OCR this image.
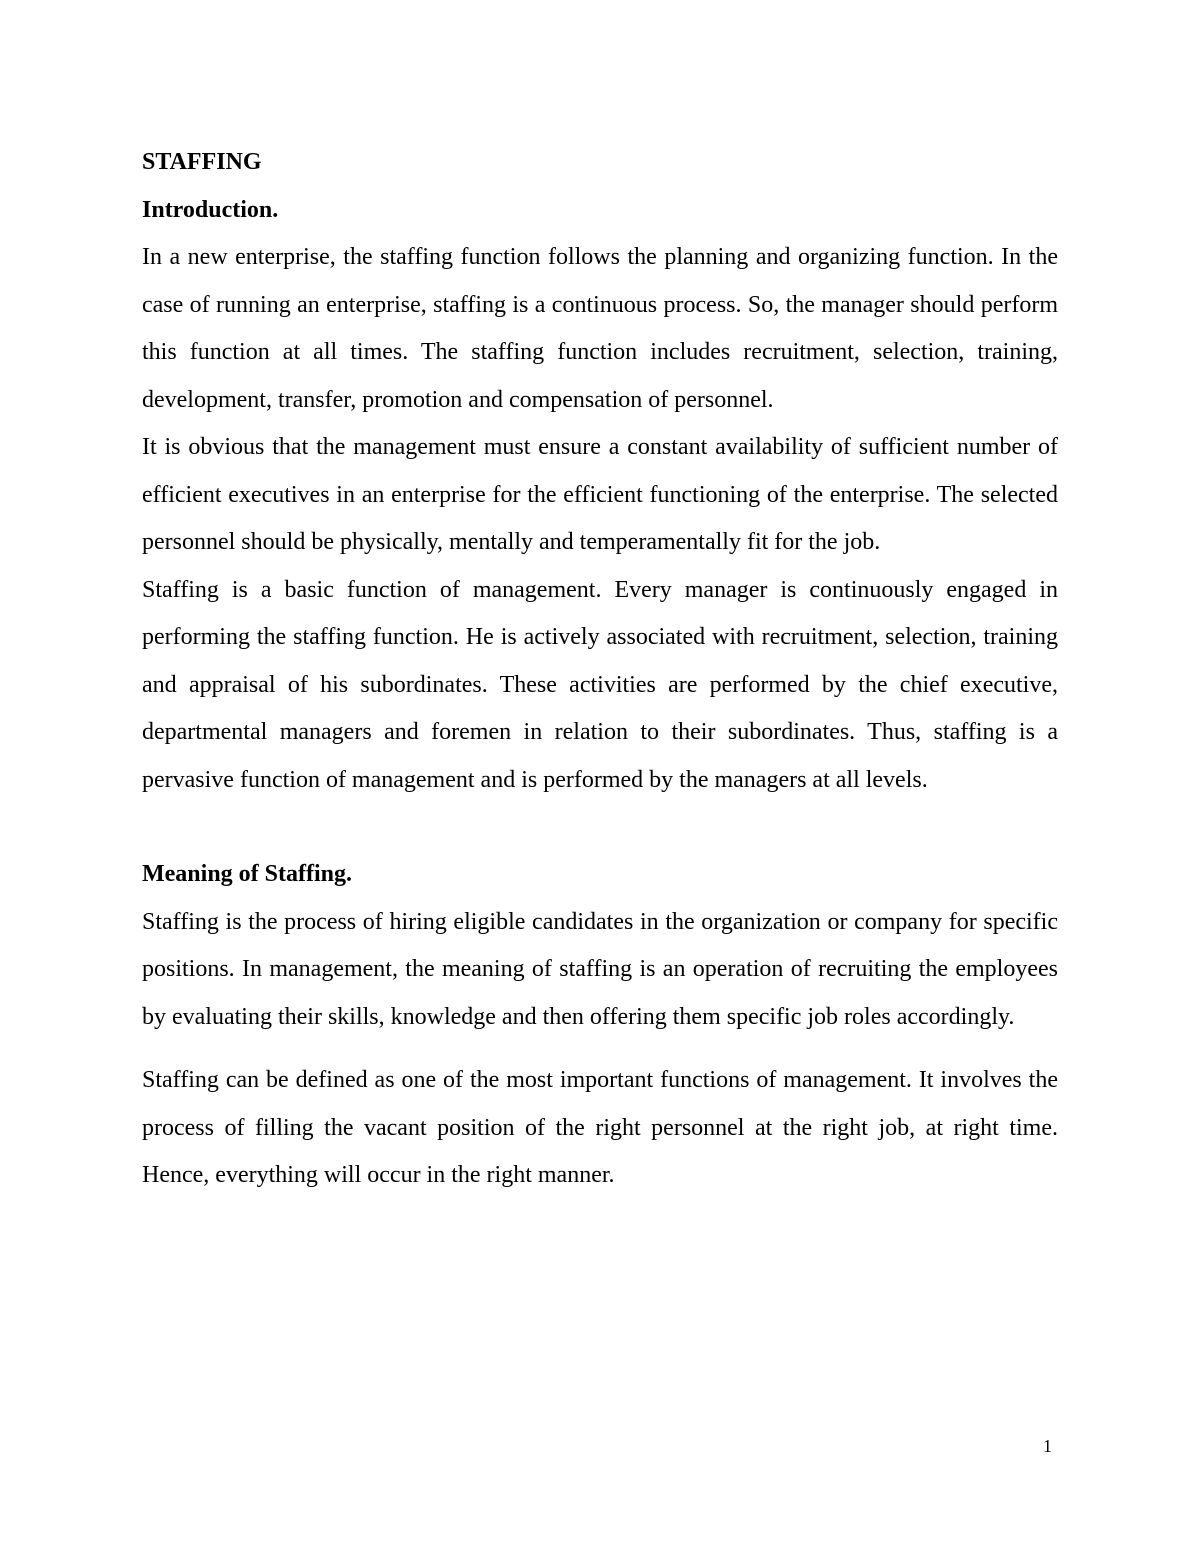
STAFFING

Introduction.

In a new enterprise, the staffing function follows the planning and organizing function. In the case of running an enterprise, staffing is a continuous process. So, the manager should perform this function at all times. The staffing function includes recruitment, selection, training, development, transfer, promotion and compensation of personnel.

It is obvious that the management must ensure a constant availability of sufficient number of efficient executives in an enterprise for the efficient functioning of the enterprise. The selected personnel should be physically, mentally and temperamentally fit for the job.

Staffing is a basic function of management. Every manager is continuously engaged in performing the staffing function. He is actively associated with recruitment, selection, training and appraisal of his subordinates. These activities are performed by the chief executive, departmental managers and foremen in relation to their subordinates. Thus, staffing is a pervasive function of management and is performed by the managers at all levels.

Meaning of Staffing.

Staffing is the process of hiring eligible candidates in the organization or company for specific positions. In management, the meaning of staffing is an operation of recruiting the employees by evaluating their skills, knowledge and then offering them specific job roles accordingly.

Staffing can be defined as one of the most important functions of management. It involves the process of filling the vacant position of the right personnel at the right job, at right time. Hence, everything will occur in the right manner.

1
